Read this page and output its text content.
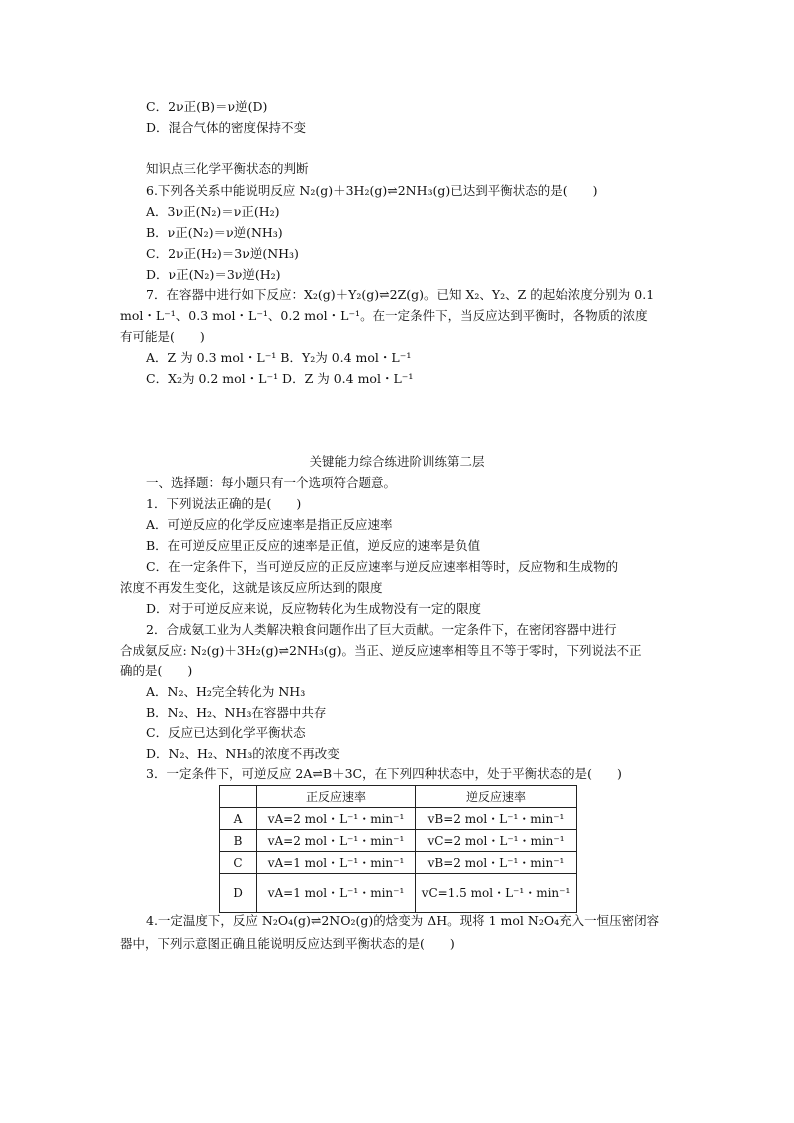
C．2ν正(B)＝ν逆(D)
D．混合气体的密度保持不变
知识点三化学平衡状态的判断
6.下列各关系中能说明反应 N₂(g)＋3H₂(g)⇌2NH₃(g)已达到平衡状态的是(　　)
A．3ν正(N₂)＝ν正(H₂)
B．ν正(N₂)＝ν逆(NH₃)
C．2ν正(H₂)＝3ν逆(NH₃)
D．ν正(N₂)＝3ν逆(H₂)
7．在容器中进行如下反应：X₂(g)＋Y₂(g)⇌2Z(g)。已知 X₂、Y₂、Z 的起始浓度分别为 0.1
mol・L⁻¹、0.3 mol・L⁻¹、0.2 mol・L⁻¹。在一定条件下，当反应达到平衡时，各物质的浓度
有可能是(　　)
A．Z 为 0.3 mol・L⁻¹ B．Y₂为 0.4 mol・L⁻¹
C．X₂为 0.2 mol・L⁻¹ D．Z 为 0.4 mol・L⁻¹
关键能力综合练进阶训练第二层
一、选择题：每小题只有一个选项符合题意。
1．下列说法正确的是(　　)
A．可逆反应的化学反应速率是指正反应速率
B．在可逆反应里正反应的速率是正值，逆反应的速率是负值
C．在一定条件下，当可逆反应的正反应速率与逆反应速率相等时，反应物和生成物的
浓度不再发生变化，这就是该反应所达到的限度
D．对于可逆反应来说，反应物转化为生成物没有一定的限度
2．合成氨工业为人类解决粮食问题作出了巨大贡献。一定条件下，在密闭容器中进行
合成氨反应: N₂(g)＋3H₂(g)⇌2NH₃(g)。当正、逆反应速率相等且不等于零时，下列说法不正
确的是(　　)
A．N₂、H₂完全转化为 NH₃
B．N₂、H₂、NH₃在容器中共存
C．反应已达到化学平衡状态
D．N₂、H₂、NH₃的浓度不再改变
3．一定条件下，可逆反应 2A⇌B＋3C，在下列四种状态中，处于平衡状态的是(　　)
	正反应速率	逆反应速率
A	vA=2 mol・L⁻¹・min⁻¹	vB=2 mol・L⁻¹・min⁻¹
B	vA=2 mol・L⁻¹・min⁻¹	vC=2 mol・L⁻¹・min⁻¹
C	vA=1 mol・L⁻¹・min⁻¹	vB=2 mol・L⁻¹・min⁻¹
D	vA=1 mol・L⁻¹・min⁻¹	vC=1.5 mol・L⁻¹・min⁻¹
4.一定温度下，反应 N₂O₄(g)⇌2NO₂(g)的焓变为 ΔH。现将 1 mol N₂O₄充入一恒压密闭容
器中，下列示意图正确且能说明反应达到平衡状态的是(　　)
